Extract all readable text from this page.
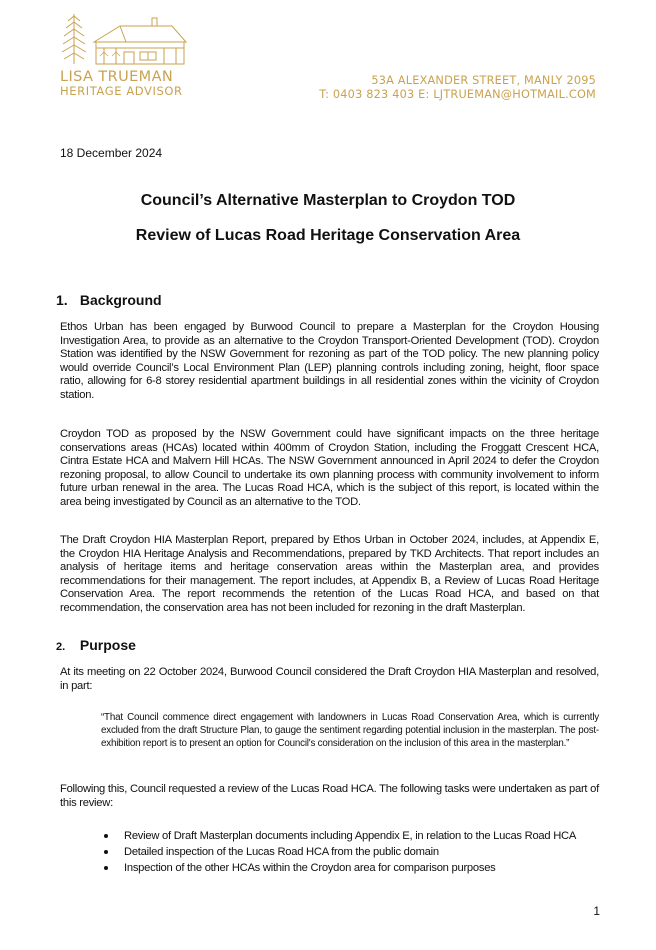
LISA TRUEMAN
HERITAGE ADVISOR
53A ALEXANDER STREET, MANLY 2095
T: 0403 823 403 E: LJTRUEMAN@HOTMAIL.COM
18 December 2024
Council’s Alternative Masterplan to Croydon TOD
Review of Lucas Road Heritage Conservation Area
1. Background

Ethos Urban has been engaged by Burwood Council to prepare a Masterplan for the Croydon Housing Investigation Area, to provide as an alternative to the Croydon Transport-Oriented Development (TOD). Croydon Station was identified by the NSW Government for rezoning as part of the TOD policy. The new planning policy would override Council’s Local Environment Plan (LEP) planning controls including zoning, height, floor space ratio, allowing for 6-8 storey residential apartment buildings in all residential zones within the vicinity of Croydon station.

Croydon TOD as proposed by the NSW Government could have significant impacts on the three heritage conservations areas (HCAs) located within 400mm of Croydon Station, including the Froggatt Crescent HCA, Cintra Estate HCA and Malvern Hill HCAs. The NSW Government announced in April 2024 to defer the Croydon rezoning proposal, to allow Council to undertake its own planning process with community involvement to inform future urban renewal in the area. The Lucas Road HCA, which is the subject of this report, is located within the area being investigated by Council as an alternative to the TOD.

The Draft Croydon HIA Masterplan Report, prepared by Ethos Urban in October 2024, includes, at Appendix E, the Croydon HIA Heritage Analysis and Recommendations, prepared by TKD Architects. That report includes an analysis of heritage items and heritage conservation areas within the Masterplan area, and provides recommendations for their management. The report includes, at Appendix B, a Review of Lucas Road Heritage Conservation Area. The report recommends the retention of the Lucas Road HCA, and based on that recommendation, the conservation area has not been included for rezoning in the draft Masterplan.

2. Purpose

At its meeting on 22 October 2024, Burwood Council considered the Draft Croydon HIA Masterplan and resolved, in part:

“That Council commence direct engagement with landowners in Lucas Road Conservation Area, which is currently excluded from the draft Structure Plan, to gauge the sentiment regarding potential inclusion in the masterplan. The post-exhibition report is to present an option for Council's consideration on the inclusion of this area in the masterplan.”

Following this, Council requested a review of the Lucas Road HCA. The following tasks were undertaken as part of this review:

Review of Draft Masterplan documents including Appendix E, in relation to the Lucas Road HCA
Detailed inspection of the Lucas Road HCA from the public domain
Inspection of the other HCAs within the Croydon area for comparison purposes
1
